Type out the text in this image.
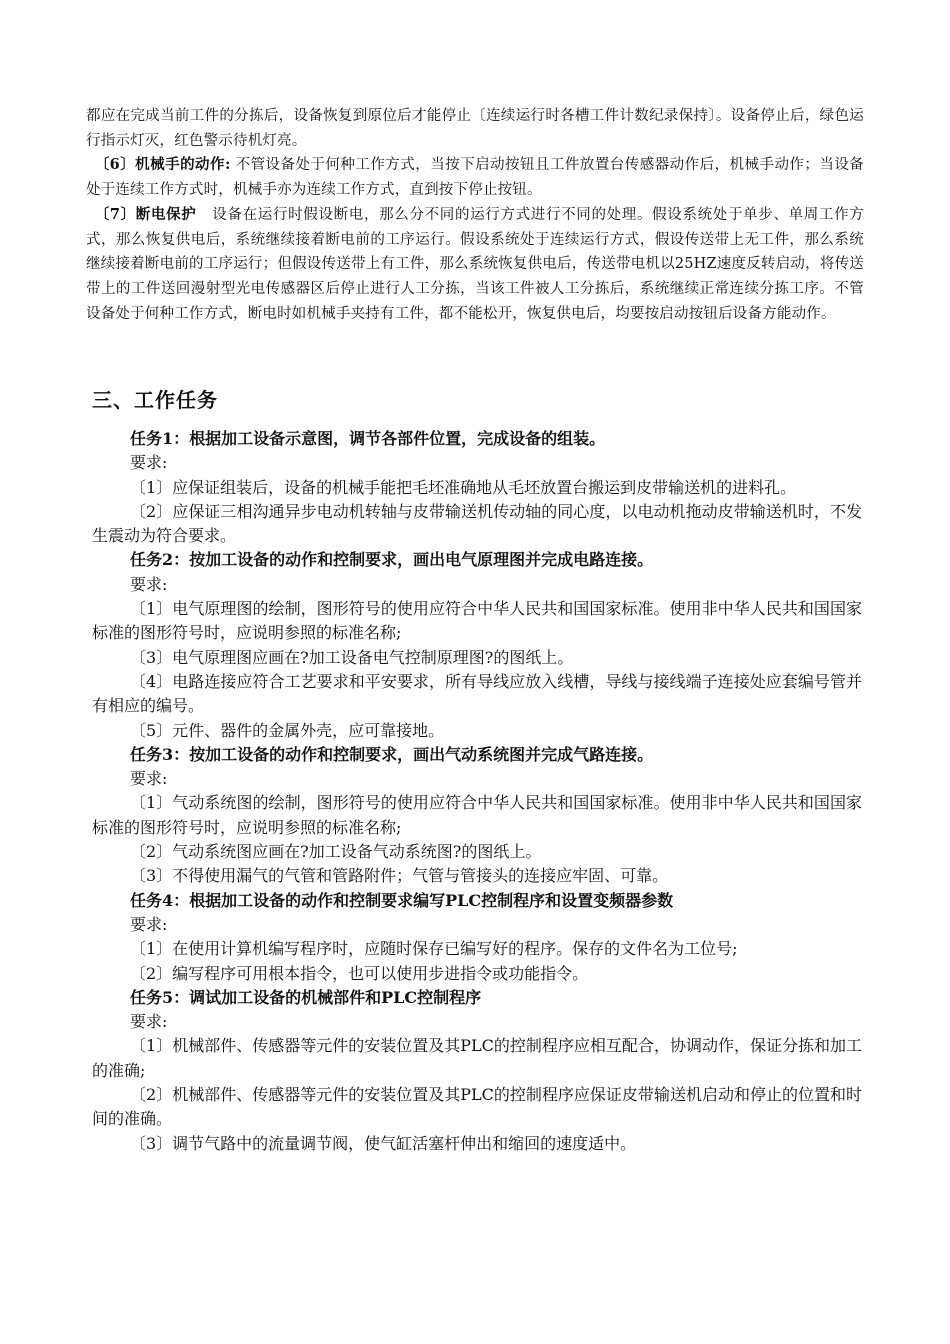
都应在完成当前工件的分拣后，设备恢复到原位后才能停止〔连续运行时各槽工件计数纪录保持〕。设备停止后，绿色运行指示灯灭，红色警示待机灯亮。

〔6〕机械手的动作: 不管设备处于何种工作方式，当按下启动按钮且工件放置台传感器动作后，机械手动作；当设备处于连续工作方式时，机械手亦为连续工作方式，直到按下停止按钮。

〔7〕断电保护   设备在运行时假设断电，那么分不同的运行方式进行不同的处理。假设系统处于单步、单周工作方式，那么恢复供电后，系统继续接着断电前的工序运行。假设系统处于连续运行方式，假设传送带上无工件，那么系统继续接着断电前的工序运行；但假设传送带上有工件，那么系统恢复供电后，传送带电机以25HZ速度反转启动，将传送带上的工件送回漫射型光电传感器区后停止进行人工分拣，当该工件被人工分拣后，系统继续正常连续分拣工序。不管设备处于何种工作方式，断电时如机械手夹持有工件，都不能松开，恢复供电后，均要按启动按钮后设备方能动作。

三、工作任务

任务1：根据加工设备示意图，调节各部件位置，完成设备的组装。

要求:

〔1〕应保证组装后，设备的机械手能把毛坯准确地从毛坯放置台搬运到皮带输送机的进料孔。

〔2〕应保证三相沟通异步电动机转轴与皮带输送机传动轴的同心度，以电动机拖动皮带输送机时，不发生震动为符合要求。

任务2：按加工设备的动作和控制要求，画出电气原理图并完成电路连接。

要求:

〔1〕电气原理图的绘制，图形符号的使用应符合中华人民共和国国家标准。使用非中华人民共和国国家标准的图形符号时，应说明参照的标准名称;

〔3〕电气原理图应画在?加工设备电气控制原理图?的图纸上。

〔4〕电路连接应符合工艺要求和平安要求，所有导线应放入线槽，导线与接线端子连接处应套编号管并有相应的编号。

〔5〕元件、器件的金属外壳，应可靠接地。

任务3：按加工设备的动作和控制要求，画出气动系统图并完成气路连接。

要求:

〔1〕气动系统图的绘制，图形符号的使用应符合中华人民共和国国家标准。使用非中华人民共和国国家标准的图形符号时，应说明参照的标准名称;

〔2〕气动系统图应画在?加工设备气动系统图?的图纸上。

〔3〕不得使用漏气的气管和管路附件；气管与管接头的连接应牢固、可靠。

任务4：根据加工设备的动作和控制要求编写PLC控制程序和设置变频器参数

要求:

〔1〕在使用计算机编写程序时，应随时保存已编写好的程序。保存的文件名为工位号;

〔2〕编写程序可用根本指令，也可以使用步进指令或功能指令。

任务5：调试加工设备的机械部件和PLC控制程序

要求:

〔1〕机械部件、传感器等元件的安装位置及其PLC的控制程序应相互配合，协调动作，保证分拣和加工的准确;

〔2〕机械部件、传感器等元件的安装位置及其PLC的控制程序应保证皮带输送机启动和停止的位置和时间的准确。

〔3〕调节气路中的流量调节阀，使气缸活塞杆伸出和缩回的速度适中。
